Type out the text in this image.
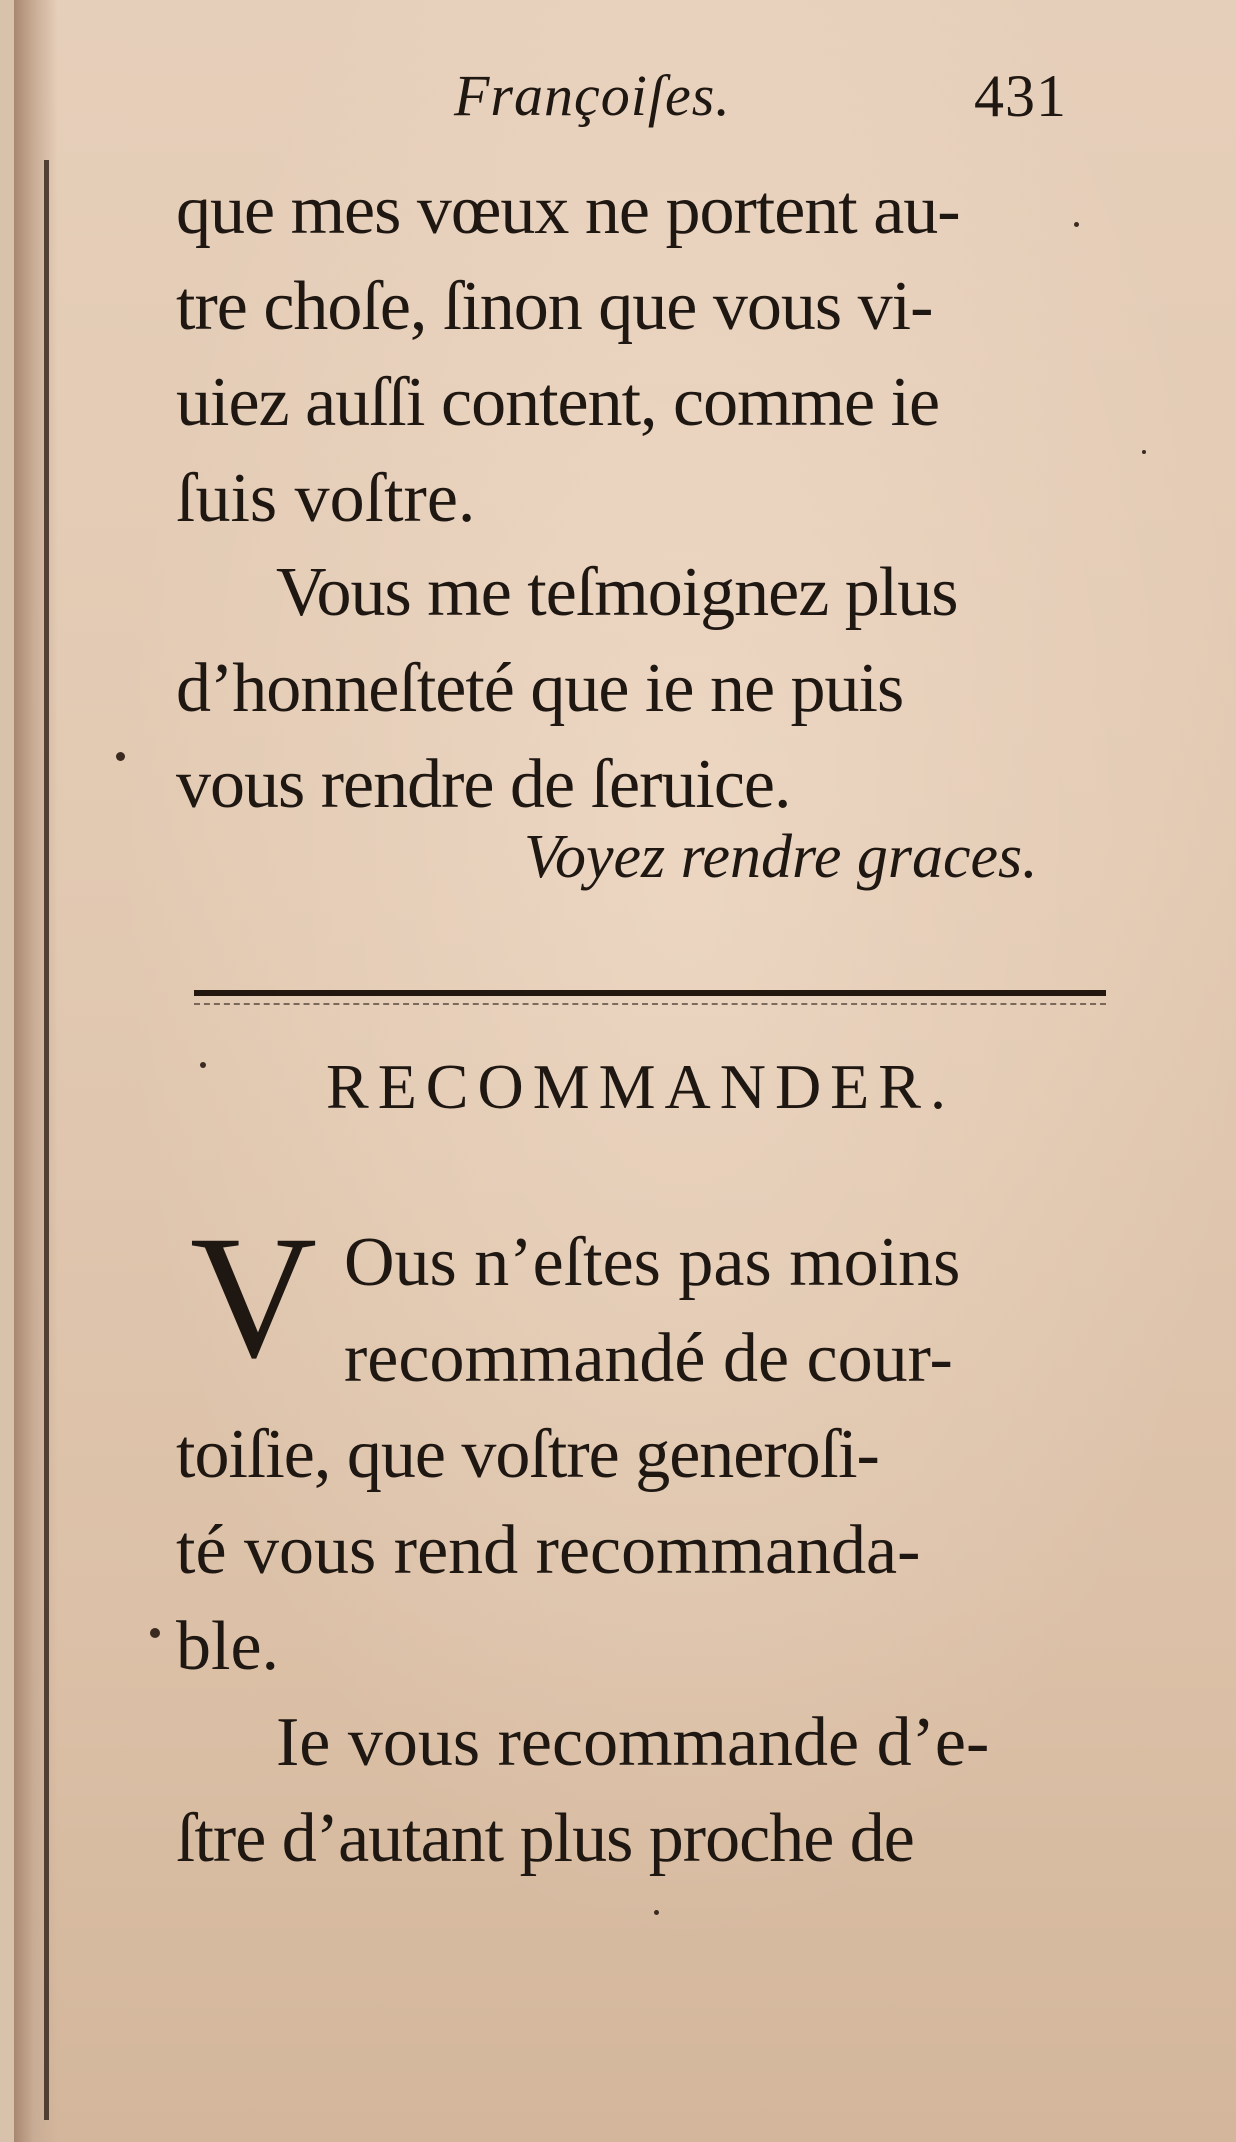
Françoiſes.	431
que mes vœux ne portent au-
tre choſe, ſinon que vous vi-
uiez auſſi content, comme ie
ſuis voſtre.
Vous me teſmoignez plus
d’honneſteté que ie ne puis
vous rendre de ſeruice.
Voyez rendre graces.
RECOMMANDER.
V Ous n’eſtes pas moins
recommandé de cour-
toiſie, que voſtre generoſi-
té vous rend recommanda-
ble.
Ie vous recommande d’e-
ſtre d’autant plus proche de
